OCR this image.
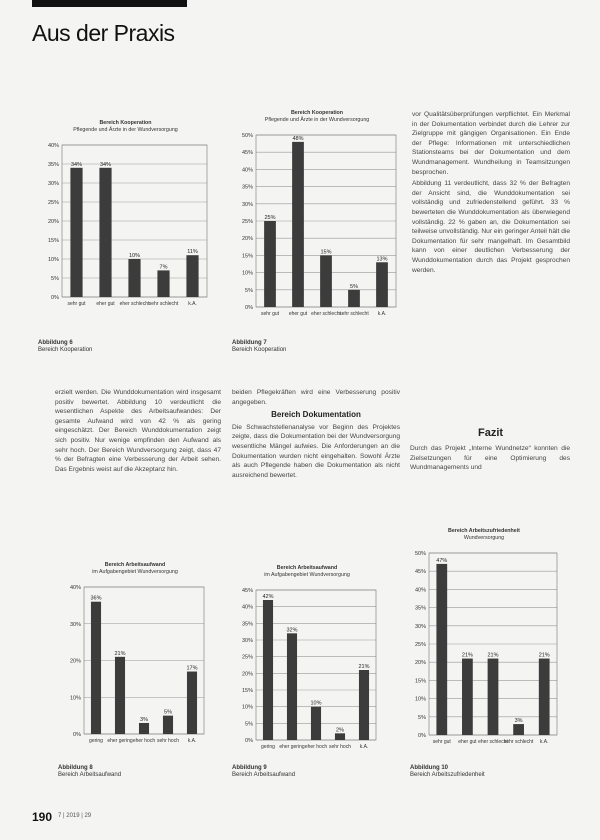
Aus der Praxis

vor Qualitätsüberprüfungen verpflichtet. Ein Merkmal in der Dokumentation verbindet durch die Lehrer zur Zielgruppe mit gängigen Organisationen. Ein Ende der Pflege: Informationen mit unterschiedlichen Stationsteams bei der Dokumentation und dem Wundmanagement. Wundheilung in Teamsitzungen besprochen.

Abbildung 11 verdeutlicht, dass 32 % der Befragten der Ansicht sind, die Wunddokumentation sei vollständig und zufriedenstellend geführt. 33 % bewerteten die Wunddokumentation als überwiegend vollständig. 22 % gaben an, die Dokumentation sei teilweise unvollständig. Nur ein geringer Anteil hält die Dokumentation für sehr mangelhaft. Im Gesamtbild kann von einer deutlichen Verbesserung der Wunddokumentation durch das Projekt gesprochen werden.

Bereich Kooperation
Pflegende und Ärzte in der Wundversorgung
0%
5%
10%
15%
20%
25%
30%
35%
40%
34%
sehr gut
34%
eher gut
10%
eher schlecht
7%
sehr schlecht
11%
k.A.
Abbildung 6
Bereich Kooperation
Bereich Kooperation
Pflegende und Ärzte in der Wundversorgung
0%
5%
10%
15%
20%
25%
30%
35%
40%
45%
50%
25%
sehr gut
48%
eher gut
15%
eher schlecht
5%
sehr schlecht
13%
k.A.
Abbildung 7
Bereich Kooperation

erzielt werden. Die Wunddokumentation wird insgesamt positiv bewertet. Abbildung 10 verdeutlicht die wesentlichen Aspekte des Arbeitsaufwandes: Der gesamte Aufwand wird von 42 % als gering eingeschätzt. Der Bereich Wunddokumentation zeigt sich positiv. Nur wenige empfinden den Aufwand als sehr hoch. Der Bereich Wundversorgung zeigt, dass 47 % der Befragten eine Verbesserung der Arbeit sehen. Das Ergebnis weist auf die Akzeptanz hin.

beiden Pflegekräften wird eine Verbesserung positiv angegeben.

Bereich Dokumentation

Die Schwachstellenanalyse vor Beginn des Projektes zeigte, dass die Dokumentation bei der Wundversorgung wesentliche Mängel aufwies. Die Anforderungen an die Dokumentation wurden nicht eingehalten. Sowohl Ärzte als auch Pflegende haben die Dokumentation als nicht ausreichend bewertet.

Fazit

Durch das Projekt „Interne Wundnetze“ konnten die Zielsetzungen für eine Optimierung des Wundmanagements und

Bereich Arbeitsaufwand
im Aufgabengebiet Wundversorgung
0%
10%
20%
30%
40%
36%
gering
21%
eher gering
3%
eher hoch
5%
sehr hoch
17%
k.A.
Abbildung 8
Bereich Arbeitsaufwand
Bereich Arbeitsaufwand
im Aufgabengebiet Wundversorgung
0%
5%
10%
15%
20%
25%
30%
35%
40%
45%
42%
gering
32%
eher gering
10%
eher hoch
2%
sehr hoch
21%
k.A.
Abbildung 9
Bereich Arbeitsaufwand
Bereich Arbeitszufriedenheit
Wundversorgung
0%
5%
10%
15%
20%
25%
30%
35%
40%
45%
50%
47%
sehr gut
21%
eher gut
21%
eher schlecht
3%
sehr schlecht
21%
k.A.
Abbildung 10
Bereich Arbeitszufriedenheit
190 7 | 2019 | 29
